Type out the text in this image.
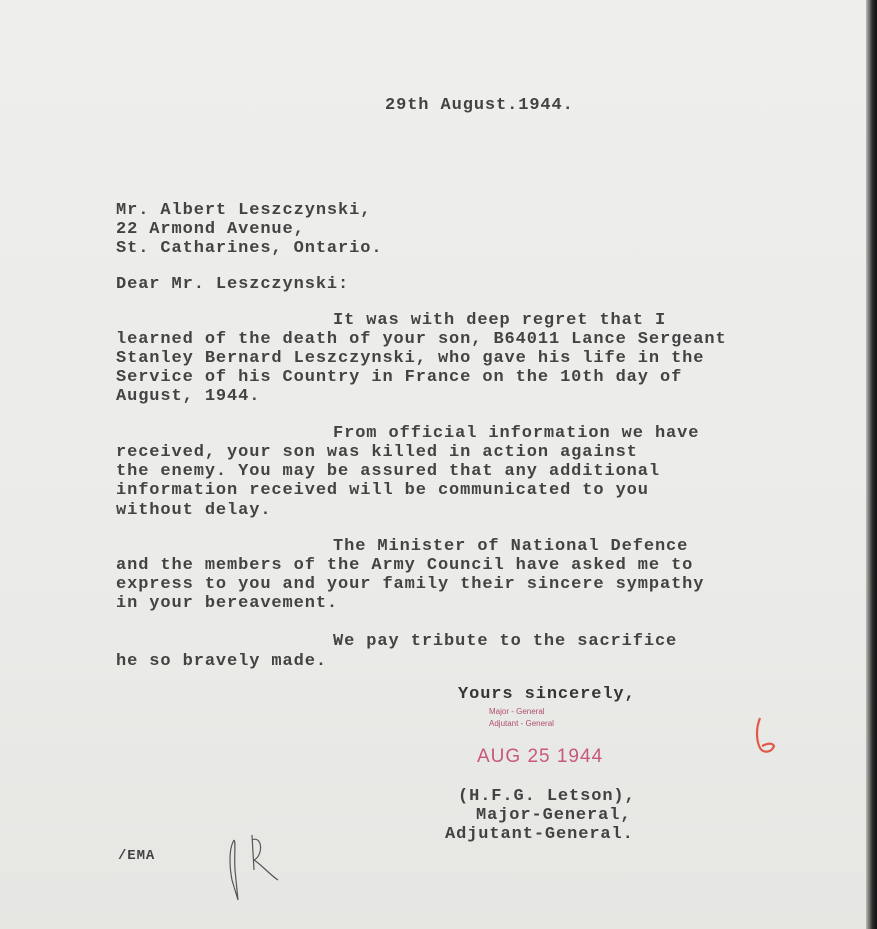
29th August.1944.
Mr. Albert Leszczynski,
22 Armond Avenue,
St. Catharines, Ontario.
Dear Mr. Leszczynski:
It was with deep regret that I
learned of the death of your son, B64011 Lance Sergeant
Stanley Bernard Leszczynski, who gave his life in the
Service of his Country in France on the 10th day of
August, 1944.
From official information we have
received, your son was killed in action against
the enemy. You may be assured that any additional
information received will be communicated to you
without delay.
The Minister of National Defence
and the members of the Army Council have asked me to
express to you and your family their sincere sympathy
in your bereavement.
We pay tribute to the sacrifice
he so bravely made.
Yours sincerely,
Major - General
Adjutant - General
AUG 25 1944
(H.F.G. Letson),
Major-General,
Adjutant-General.
/EMA
